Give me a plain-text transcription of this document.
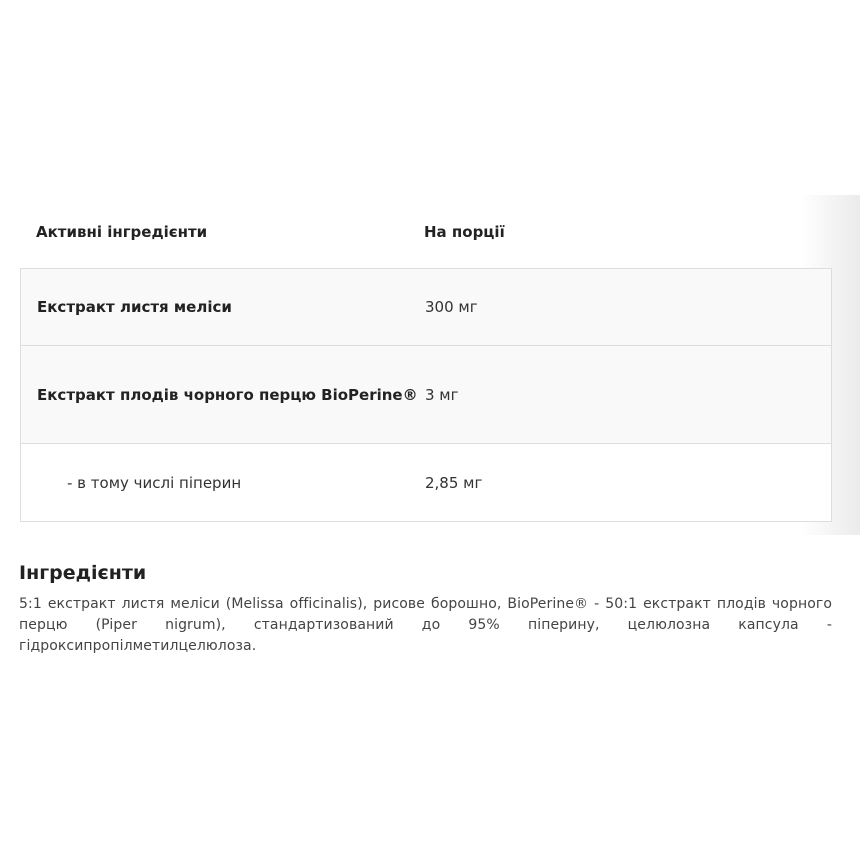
Активні інгредієнти	На порції
Екстракт листя меліси	300 мг
Екстракт плодів чорного перцю BioPerine® 3 мг
- в тому числі піперин	2,85 мг
Інгредієнти

5:1 екстракт листя меліси (Melissa officinalis), рисове борошно, BioPerine® - 50:1 екстракт плодів чорного перцю (Piper nigrum), стандартизований до 95% піперину, целюлозна капсула - гідроксипропілметилцелюлоза.
